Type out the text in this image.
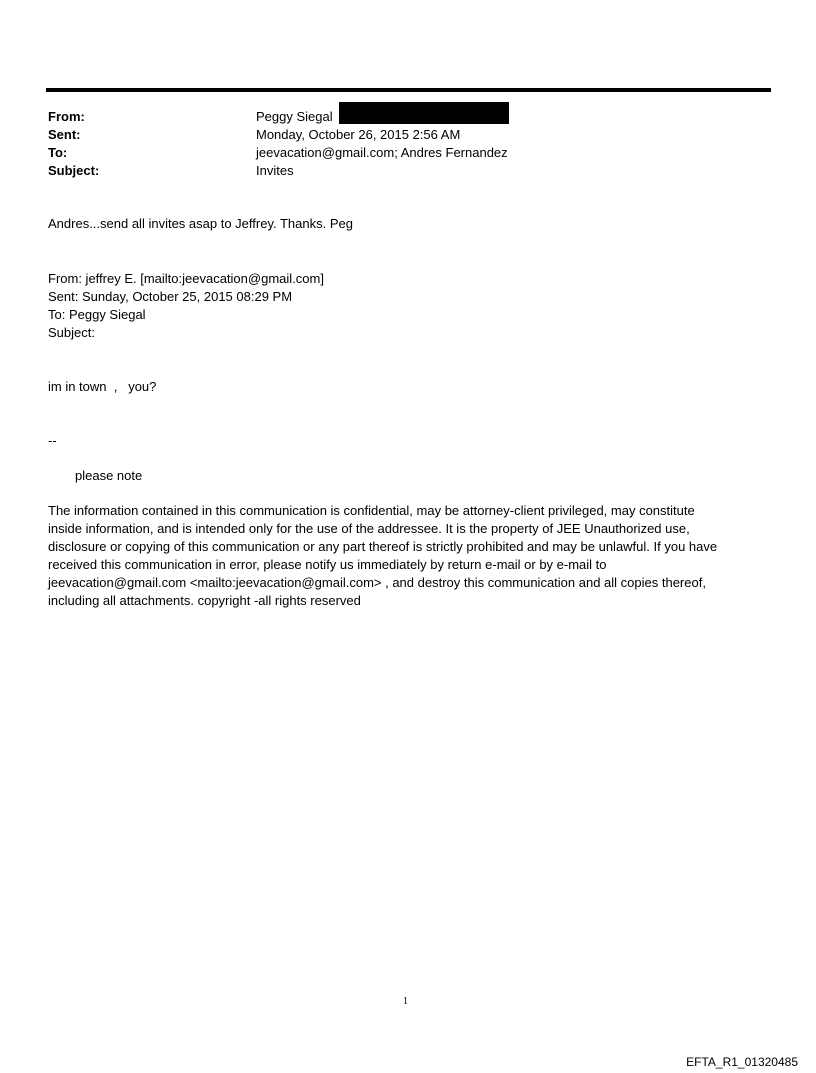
From:	Peggy Siegal
Sent:	Monday, October 26, 2015 2:56 AM
To:	jeevacation@gmail.com; Andres Fernandez
Subject:	Invites
Andres...send all invites asap to Jeffrey. Thanks. Peg
From: jeffrey E. [mailto:jeevacation@gmail.com]
Sent: Sunday, October 25, 2015 08:29 PM
To: Peggy Siegal
Subject:
im in town  ,   you?
--
please note
The information contained in this communication is confidential, may be attorney-client privileged, may constitute
inside information, and is intended only for the use of the addressee. It is the property of JEE Unauthorized use,
disclosure or copying of this communication or any part thereof is strictly prohibited and may be unlawful. If you have
received this communication in error, please notify us immediately by return e-mail or by e-mail to
jeevacation@gmail.com <mailto:jeevacation@gmail.com> , and destroy this communication and all copies thereof,
including all attachments. copyright -all rights reserved
1
EFTA_R1_01320485
